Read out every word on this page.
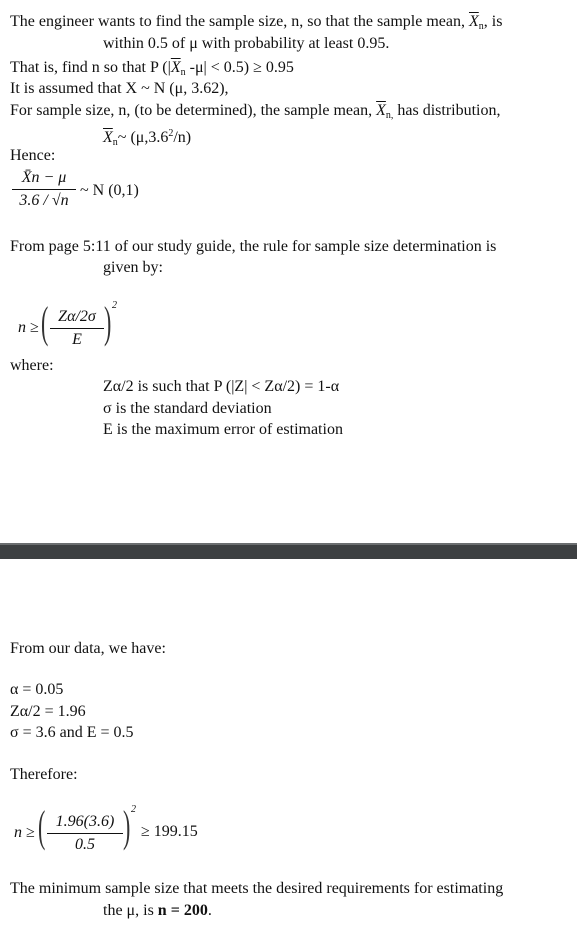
The engineer wants to find the sample size, n, so that the sample mean, $\overline{X}_n$, is
within 0.5 of μ with probability at least 0.95.
That is, find n so that P ($|\overline{X}_n$ -μ| < 0.5) ≥ 0.95
It is assumed that X ~ N (μ, 3.62),
For sample size, n, (to be determined), the sample mean, $\overline{X}_{n,}$ has distribution,
$\overline{X}_n\sim$ (μ,3.6$^2$/n)
Hence:
X̄n − μ
3.6 / √n
~ N (0,1)
From page 5:11 of our study guide, the rule for sample size determination is
given by:
n ≥ ( Zα/2σ
E ) 2
where:
Zα/2 is such that P (|Z| < Zα/2) = 1-α
σ is the standard deviation
E is the maximum error of estimation
From our data, we have:
α = 0.05
Zα/2 = 1.96
σ = 3.6 and E = 0.5
Therefore:
n ≥ ( 1.96(3.6)
0.5 ) 2
≥ 199.15
The minimum sample size that meets the desired requirements for estimating
the μ, is n = 200.
